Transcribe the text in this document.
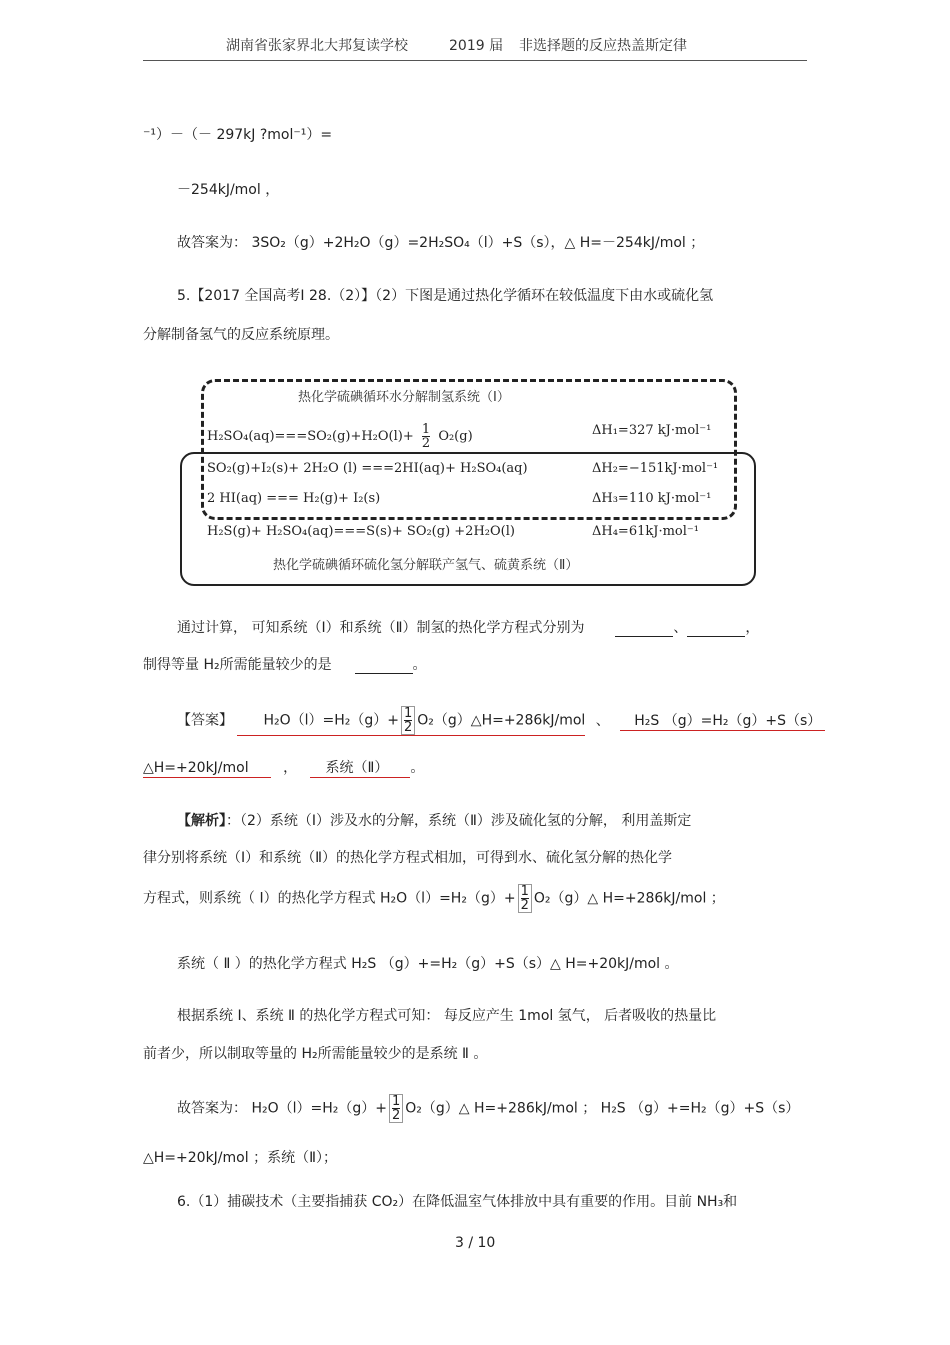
湖南省张家界北大邦复读学校	2019 届 非选择题的反应热盖斯定律
⁻¹）－（－ 297kJ ?mol⁻¹）=
－254kJ/mol ，
故答案为： 3SO₂（g）+2H₂O（g）=2H₂SO₄（l）+S（s），△ H=－254kJ/mol ；
5.【2017 全国高考Ⅰ 28.（2）】（2）下图是通过热化学循环在较低温度下由水或硫化氢
分解制备氢气的反应系统原理。
热化学硫碘循环水分解制氢系统（Ⅰ）
$H_2SO_4(aq)===SO_2(g)+H_2O(l)+ \frac{1}{2} O_2(g)$	ΔH₁=327 kJ·mol⁻¹
SO₂(g)+I₂(s)+ 2H₂O (l) ===2HI(aq)+ H₂SO₄(aq)	ΔH₂=−151kJ·mol⁻¹
2 HI(aq) === H₂(g)+ I₂(s)	ΔH₃=110 kJ·mol⁻¹
H₂S(g)+ H₂SO₄(aq)===S(s)+ SO₂(g) +2H₂O(l)	ΔH₄=61kJ·mol⁻¹
热化学硫碘循环硫化氢分解联产氢气、硫黄系统（Ⅱ）
通过计算， 可知系统（Ⅰ）和系统（Ⅱ）制氢的热化学方程式分别为	、	，
制得等量 H₂所需能量较少的是	。
【答案】 $H_2O(l)=H_2(g)+ \frac{1}{2}$ O₂（g）△H=+286kJ/mol 、 H₂S （g）=H₂（g）+S（s）
△H=+20kJ/mol ， 系统（Ⅱ） 。
【解析】：（2）系统（Ⅰ）涉及水的分解，系统（Ⅱ）涉及硫化氢的分解， 利用盖斯定
律分别将系统（Ⅰ）和系统（Ⅱ）的热化学方程式相加，可得到水、硫化氢分解的热化学
方程式，则系统（ Ⅰ）的热化学方程式 $H_2O(l)=H_2(g)+ \frac{1}{2}$ O₂（g）△ H=+286kJ/mol ；
系统（ Ⅱ ）的热化学方程式 H₂S （g）+=H₂（g）+S（s）△ H=+20kJ/mol 。
根据系统 Ⅰ、系统 Ⅱ 的热化学方程式可知： 每反应产生 1mol 氢气， 后者吸收的热量比
前者少，所以制取等量的 H₂所需能量较少的是系统 Ⅱ 。
故答案为： $H_2O(l)=H_2(g)+ \frac{1}{2}$ O₂（g）△ H=+286kJ/mol ； H₂S （g）+=H₂（g）+S（s）
△H=+20kJ/mol ；系统（Ⅱ）；
6.（1）捕碳技术（主要指捕获 CO₂）在降低温室气体排放中具有重要的作用。目前 NH₃和
3 / 10
